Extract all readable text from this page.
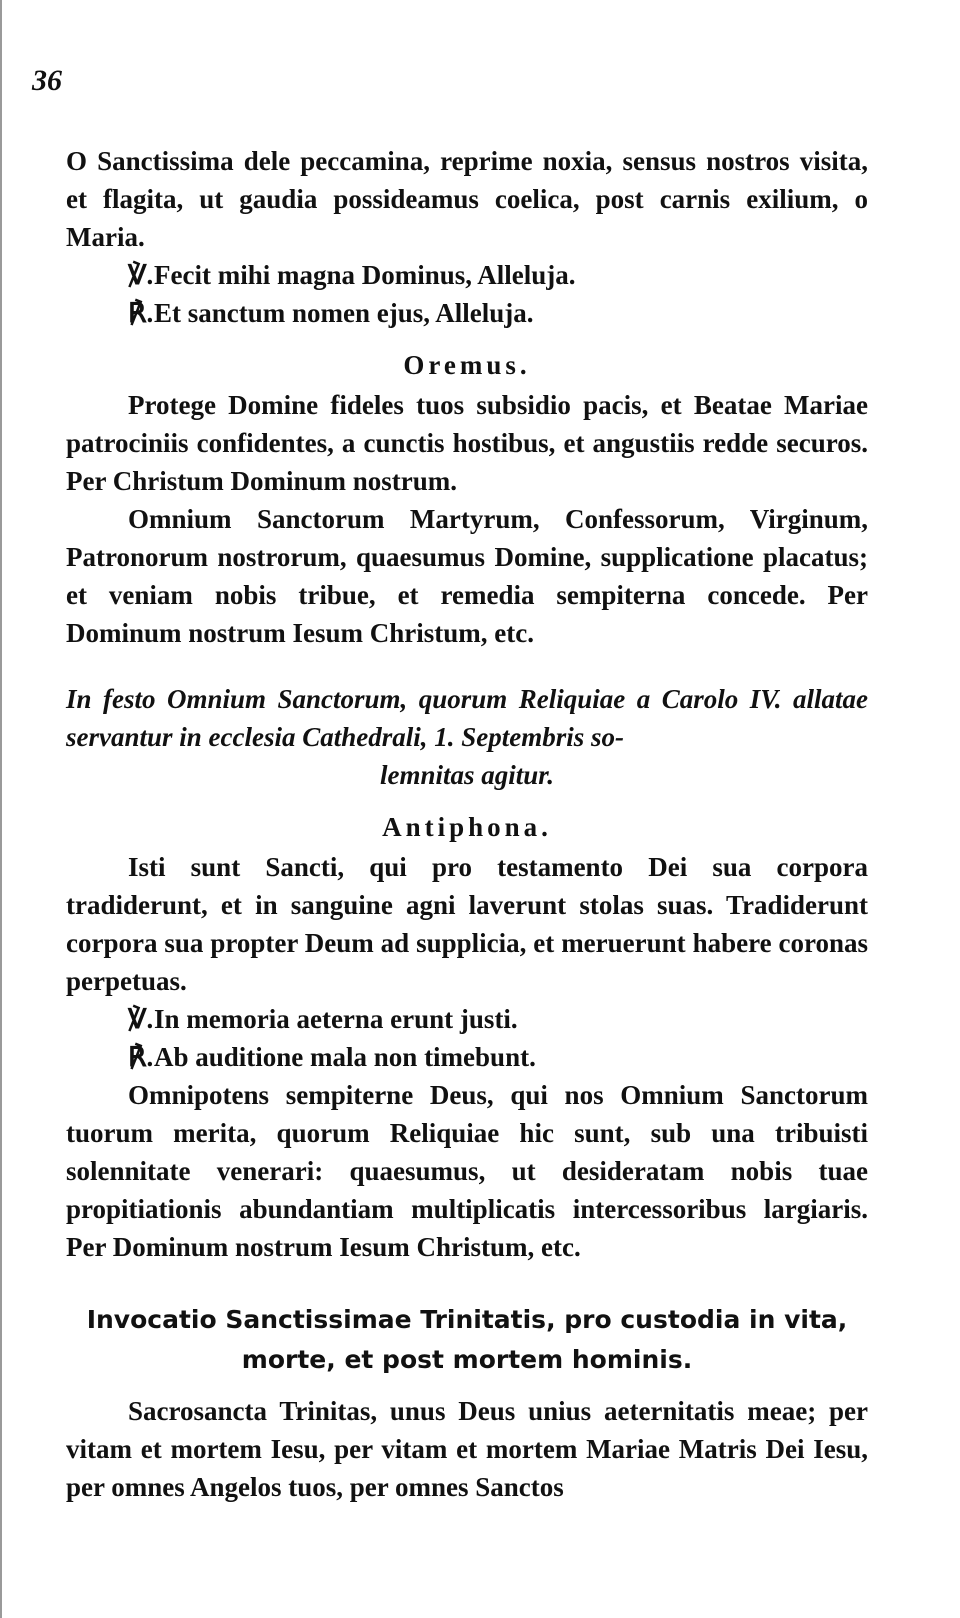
36

O Sanctissima dele peccamina, reprime noxia, sensus nostros visita, et flagita, ut gaudia possideamus coelica, post carnis exilium, o Maria.

℣.Fecit mihi magna Dominus, Alleluja.

℟.Et sanctum nomen ejus, Alleluja.

Oremus.

Protege Domine fideles tuos subsidio pacis, et Beatae Mariae patrociniis confidentes, a cunctis hostibus, et angustiis redde securos. Per Christum Dominum nostrum.

Omnium Sanctorum Martyrum, Confessorum, Virginum, Patronorum nostrorum, quaesumus Domine, supplicatione placatus; et veniam nobis tribue, et remedia sempiterna concede. Per Dominum nostrum Iesum Christum, etc.

In festo Omnium Sanctorum, quorum Reliquiae a Carolo IV. allatae servantur in ecclesia Cathedrali, 1. Septembris so-
lemnitas agitur.

Antiphona.

Isti sunt Sancti, qui pro testamento Dei sua corpora tradiderunt, et in sanguine agni laverunt stolas suas. Tradiderunt corpora sua propter Deum ad supplicia, et meruerunt habere coronas perpetuas.

℣.In memoria aeterna erunt justi.

℟.Ab auditione mala non timebunt.

Omnipotens sempiterne Deus, qui nos Omnium Sanctorum tuorum merita, quorum Reliquiae hic sunt, sub una tribuisti solennitate venerari: quaesumus, ut desideratam nobis tuae propitiationis abundantiam multiplicatis intercessoribus largiaris. Per Dominum nostrum Iesum Christum, etc.

Invocatio Sanctissimae Trinitatis, pro custodia in vita, morte, et post mortem hominis.

Sacrosancta Trinitas, unus Deus unius aeternitatis meae; per vitam et mortem Iesu, per vitam et mortem Mariae Matris Dei Iesu, per omnes Angelos tuos, per omnes Sanctos
